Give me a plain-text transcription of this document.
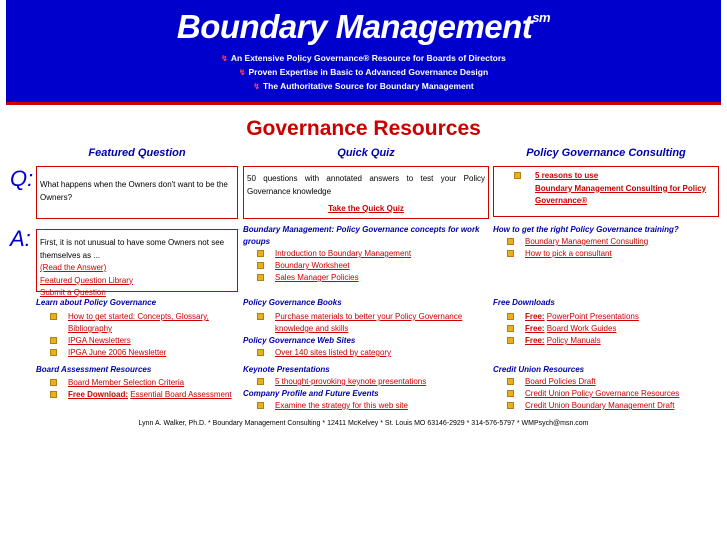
Boundary Management$^{sm}$
↯ An Extensive Policy Governance® Resource for Boards of Directors
↯ Proven Expertise in Basic to Advanced Governance Design
↯ The Authoritative Source for Boundary Management
Governance Resources
Featured Question	Quick Quiz	Policy Governance Consulting
Q:
A:
What happens when the Owners don't want to be the Owners?
First, it is not unusual to have some Owners not see themselves as ...
(Read the Answer)
Featured Question Library
Submit a Question
50 questions with annotated answers to test your Policy Governance knowledge
Take the Quick Quiz
5 reasons to use
Boundary Management Consulting for Policy Governance®
Learn about Policy Governance
How to get started: Concepts, Glossary, Bibliography
IPGA Newsletters
IPGA June 2006 Newsletter
Board Assessment Resources
Board Member Selection Criteria
Free Download: Essential Board Assessment
Boundary Management: Policy Governance concepts for work groups
Introduction to Boundary Management
Boundary Worksheet
Sales Manager Policies
Policy Governance Books
Purchase materials to better your Policy Governance knowledge and skills
Policy Governance Web Sites
Over 140 sites listed by category
Keynote Presentations
5 thought-provoking keynote presentations
Company Profile and Future Events
Examine the strategy for this web site
How to get the right Policy Governance training?
Boundary Management Consulting
How to pick a consultant
Free Downloads
Free: PowerPoint Presentations
Free: Board Work Guides
Free: Policy Manuals
Credit Union Resources
Board Policies Draft
Credit Union Policy Governance Resources
Credit Union Boundary Management Draft
Lynn A. Walker, Ph.D. * Boundary Management Consulting * 12411 McKelvey * St. Louis MO 63146-2929 * 314-576-5797 * WMPsych@msn.com
